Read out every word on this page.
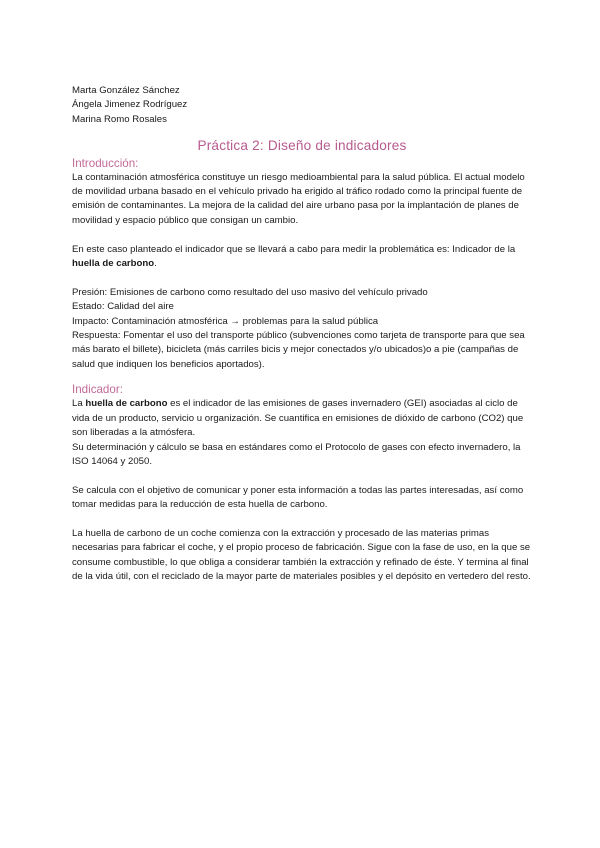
Marta González Sánchez
Ángela Jimenez Rodríguez
Marina Romo Rosales
Práctica 2: Diseño de indicadores
Introducción:

La contaminación atmosférica constituye un riesgo medioambiental para la salud pública. El actual modelo de movilidad urbana basado en el vehículo privado ha erigido al tráfico rodado como la principal fuente de emisión de contaminantes. La mejora de la calidad del aire urbano pasa por la implantación de planes de movilidad y espacio público que consigan un cambio.

En este caso planteado el indicador que se llevará a cabo para medir la problemática es: Indicador de la huella de carbono.

Presión: Emisiones de carbono como resultado del uso masivo del vehículo privado

Estado: Calidad del aire

Impacto: Contaminación atmosférica → problemas para la salud pública

Respuesta: Fomentar el uso del transporte público (subvenciones como tarjeta de transporte para que sea más barato el billete), bicicleta (más carriles bicis y mejor conectados y/o ubicados)o a pie (campañas de salud que indiquen los beneficios aportados).

Indicador:

La huella de carbono es el indicador de las emisiones de gases invernadero (GEI) asociadas al ciclo de vida de un producto, servicio u organización. Se cuantifica en emisiones de dióxido de carbono (CO2) que son liberadas a la atmósfera.

Su determinación y cálculo se basa en estándares como el Protocolo de gases con efecto invernadero, la ISO 14064 y 2050.

Se calcula con el objetivo de comunicar y poner esta información a todas las partes interesadas, así como tomar medidas para la reducción de esta huella de carbono.

La huella de carbono de un coche comienza con la extracción y procesado de las materias primas necesarias para fabricar el coche, y el propio proceso de fabricación. Sigue con la fase de uso, en la que se consume combustible, lo que obliga a considerar también la extracción y refinado de éste. Y termina al final de la vida útil, con el reciclado de la mayor parte de materiales posibles y el depósito en vertedero del resto.
